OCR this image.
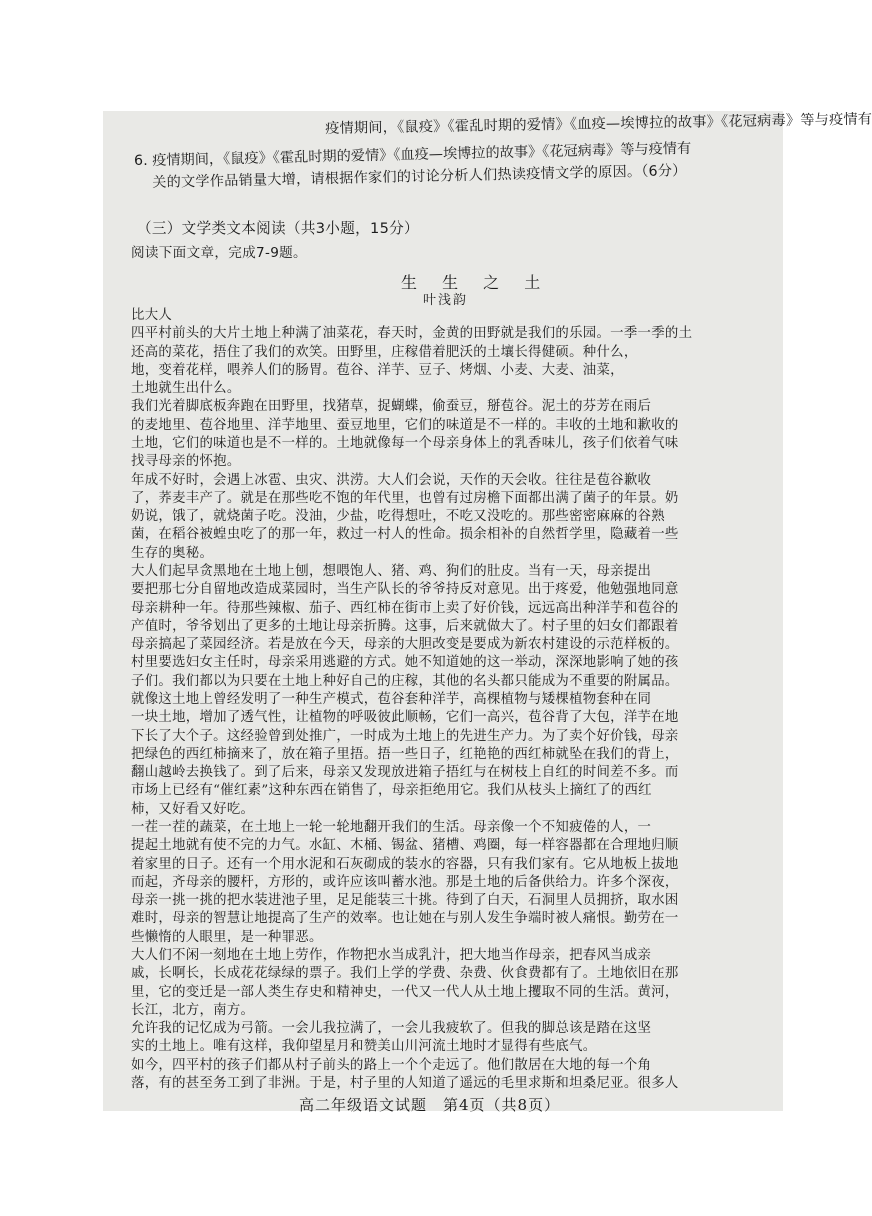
疫情期间，《鼠疫》《霍乱时期的爱情》《血疫—埃博拉的故事》《花冠病毒》等与疫情有
6. 疫情期间，《鼠疫》《霍乱时期的爱情》《血疫—埃博拉的故事》《花冠病毒》等与疫情有
关的文学作品销量大增，请根据作家们的讨论分析人们热读疫情文学的原因。（6分）
（三）文学类文本阅读（共3小题，15分）
阅读下面文章，完成7-9题。
生 生 之 土
叶浅韵
比大人
四平村前头的大片土地上种满了油菜花，春天时，金黄的田野就是我们的乐园。一季一季的土
还高的菜花，捂住了我们的欢笑。田野里，庄稼借着肥沃的土壤长得健硕。种什么，
地，变着花样，喂养人们的肠胃。苞谷、洋芋、豆子、烤烟、小麦、大麦、油菜，
土地就生出什么。
我们光着脚底板奔跑在田野里，找猪草，捉蝴蝶，偷蚕豆，掰苞谷。泥土的芬芳在雨后
的麦地里、苞谷地里、洋芋地里、蚕豆地里，它们的味道是不一样的。丰收的土地和歉收的
土地，它们的味道也是不一样的。土地就像每一个母亲身体上的乳香味儿，孩子们依着气味
找寻母亲的怀抱。
年成不好时，会遇上冰雹、虫灾、洪涝。大人们会说，天作的天会收。往往是苞谷歉收
了，荞麦丰产了。就是在那些吃不饱的年代里，也曾有过房檐下面都出满了菌子的年景。奶
奶说，饿了，就烧菌子吃。没油，少盐，吃得想吐，不吃又没吃的。那些密密麻麻的谷熟
菌，在稻谷被蝗虫吃了的那一年，救过一村人的性命。损余相补的自然哲学里，隐藏着一些
生存的奥秘。
大人们起早贪黑地在土地上刨，想喂饱人、猪、鸡、狗们的肚皮。当有一天，母亲提出
要把那七分自留地改造成菜园时，当生产队长的爷爷持反对意见。出于疼爱，他勉强地同意
母亲耕种一年。待那些辣椒、茄子、西红柿在街市上卖了好价钱，远远高出种洋芋和苞谷的
产值时，爷爷划出了更多的土地让母亲折腾。这事，后来就做大了。村子里的妇女们都跟着
母亲搞起了菜园经济。若是放在今天，母亲的大胆改变是要成为新农村建设的示范样板的。
村里要选妇女主任时，母亲采用逃避的方式。她不知道她的这一举动，深深地影响了她的孩
子们。我们都以为只要在土地上种好自己的庄稼，其他的名头都只能成为不重要的附属品。
就像这土地上曾经发明了一种生产模式，苞谷套种洋芋，高棵植物与矮棵植物套种在同
一块土地，增加了透气性，让植物的呼吸彼此顺畅，它们一高兴，苞谷背了大包，洋芋在地
下长了大个子。这经验曾到处推广，一时成为土地上的先进生产力。为了卖个好价钱，母亲
把绿色的西红柿摘来了，放在箱子里捂。捂一些日子，红艳艳的西红柿就坠在我们的背上，
翻山越岭去换钱了。到了后来，母亲又发现放进箱子捂红与在树枝上自红的时间差不多。而
市场上已经有“催红素”这种东西在销售了，母亲拒绝用它。我们从枝头上摘红了的西红
柿，又好看又好吃。
一茬一茬的蔬菜，在土地上一轮一轮地翻开我们的生活。母亲像一个不知疲倦的人，一
提起土地就有使不完的力气。水缸、木桶、锡盆、猪槽、鸡圈，每一样容器都在合理地归顺
着家里的日子。还有一个用水泥和石灰砌成的装水的容器，只有我们家有。它从地板上拔地
而起，齐母亲的腰杆，方形的，或许应该叫蓄水池。那是土地的后备供给力。许多个深夜，
母亲一挑一挑的把水装进池子里，足足能装三十挑。待到了白天，石洞里人员拥挤，取水困
难时，母亲的智慧让地提高了生产的效率。也让她在与别人发生争端时被人痛恨。勤劳在一
些懒惰的人眼里，是一种罪恶。
大人们不闲一刻地在土地上劳作，作物把水当成乳汁，把大地当作母亲，把春风当成亲
戚，长啊长，长成花花绿绿的票子。我们上学的学费、杂费、伙食费都有了。土地依旧在那
里，它的变迁是一部人类生存史和精神史，一代又一代人从土地上攫取不同的生活。黄河，
长江，北方，南方。
允许我的记忆成为弓箭。一会儿我拉满了，一会儿我疲软了。但我的脚总该是踏在这坚
实的土地上。唯有这样，我仰望星月和赞美山川河流土地时才显得有些底气。
如今，四平村的孩子们都从村子前头的路上一个个走远了。他们散居在大地的每一个角
落，有的甚至务工到了非洲。于是，村子里的人知道了遥远的毛里求斯和坦桑尼亚。很多人
高二年级语文试题　第4页（共8页）
